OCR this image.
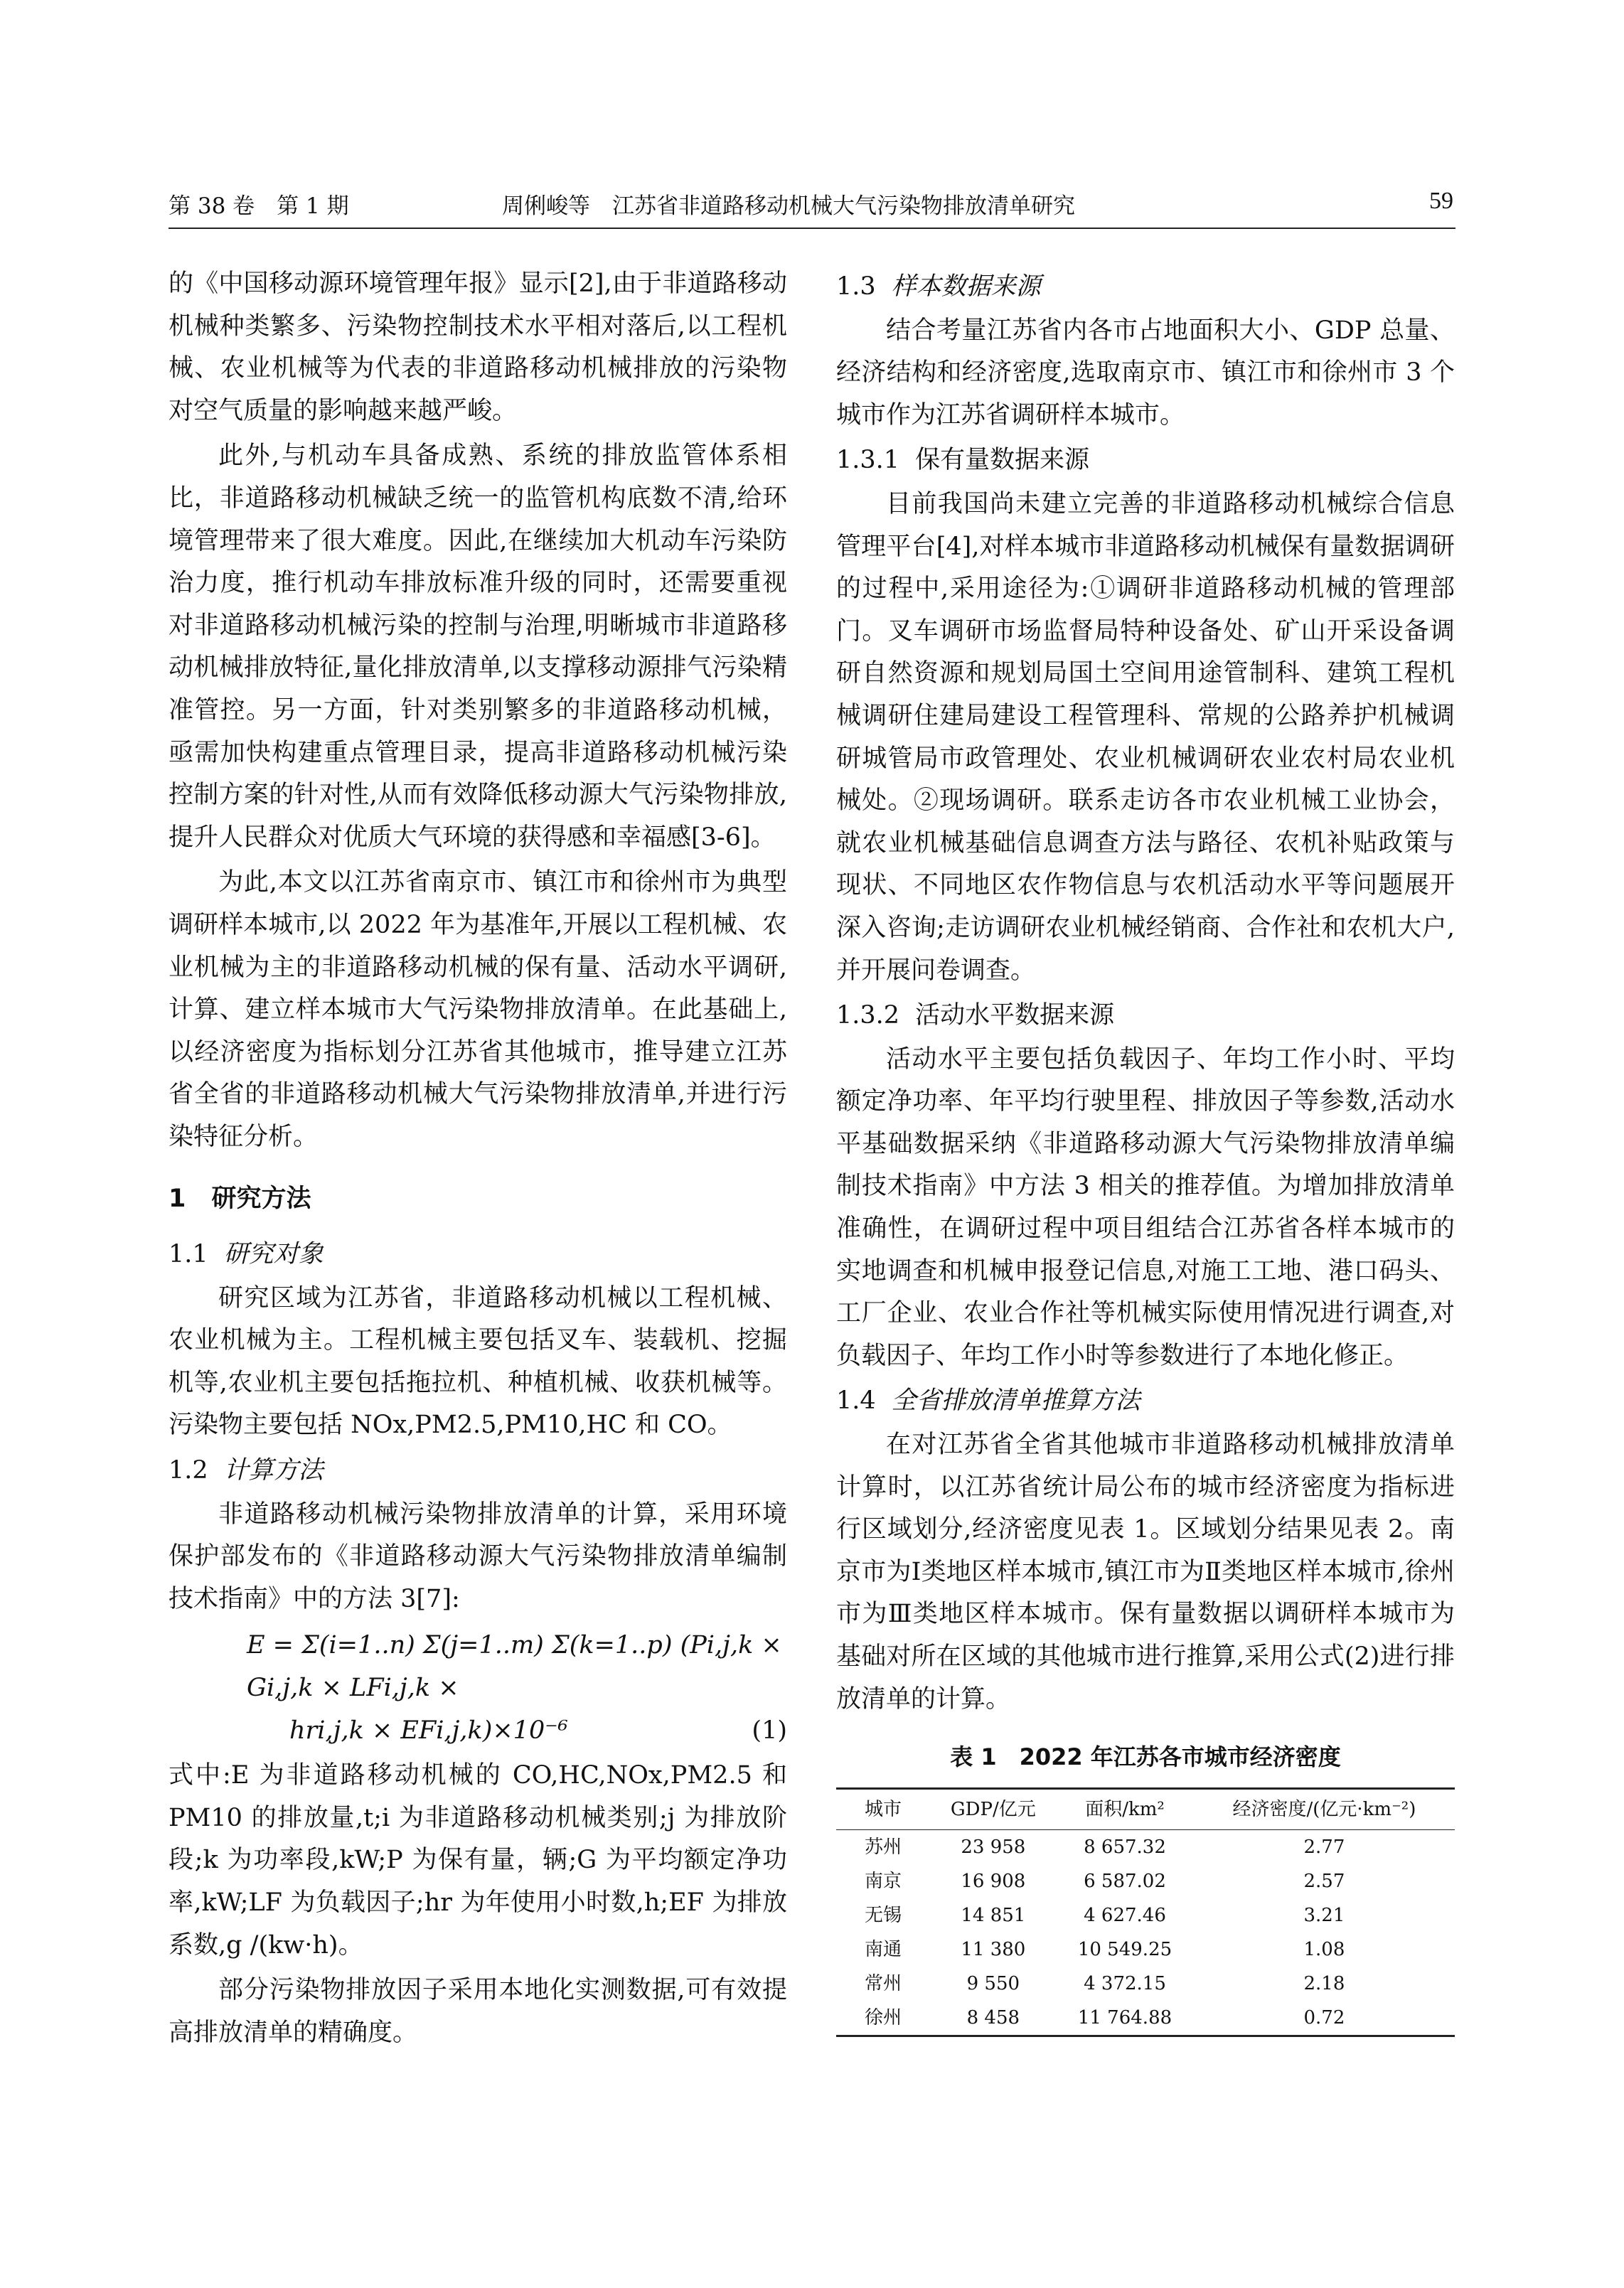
第 38 卷　第 1 期	周俐峻等　江苏省非道路移动机械大气污染物排放清单研究	59

的《中国移动源环境管理年报》显示[2],由于非道路移动机械种类繁多、污染物控制技术水平相对落后,以工程机械、农业机械等为代表的非道路移动机械排放的污染物对空气质量的影响越来越严峻。

此外,与机动车具备成熟、系统的排放监管体系相比，非道路移动机械缺乏统一的监管机构底数不清,给环境管理带来了很大难度。因此,在继续加大机动车污染防治力度，推行机动车排放标准升级的同时，还需要重视对非道路移动机械污染的控制与治理,明晰城市非道路移动机械排放特征,量化排放清单,以支撑移动源排气污染精准管控。另一方面，针对类别繁多的非道路移动机械，亟需加快构建重点管理目录，提高非道路移动机械污染控制方案的针对性,从而有效降低移动源大气污染物排放,提升人民群众对优质大气环境的获得感和幸福感[3-6]。

为此,本文以江苏省南京市、镇江市和徐州市为典型调研样本城市,以 2022 年为基准年,开展以工程机械、农业机械为主的非道路移动机械的保有量、活动水平调研,计算、建立样本城市大气污染物排放清单。在此基础上,以经济密度为指标划分江苏省其他城市，推导建立江苏省全省的非道路移动机械大气污染物排放清单,并进行污染特征分析。

1 研究方法
1.1 研究对象

研究区域为江苏省，非道路移动机械以工程机械、农业机械为主。工程机械主要包括叉车、装载机、挖掘机等,农业机主要包括拖拉机、种植机械、收获机械等。污染物主要包括 NOx,PM2.5,PM10,HC 和 CO。

1.2 计算方法

非道路移动机械污染物排放清单的计算，采用环境保护部发布的《非道路移动源大气污染物排放清单编制技术指南》中的方法 3[7]:

E = Σ(i=1..n) Σ(j=1..m) Σ(k=1..p) (Pi,j,k × Gi,j,k × LFi,j,k ×
hri,j,k × EFi,j,k)×10⁻⁶	(1)

式中:E 为非道路移动机械的 CO,HC,NOx,PM2.5 和 PM10 的排放量,t;i 为非道路移动机械类别;j 为排放阶段;k 为功率段,kW;P 为保有量，辆;G 为平均额定净功率,kW;LF 为负载因子;hr 为年使用小时数,h;EF 为排放系数,g /(kw·h)。

部分污染物排放因子采用本地化实测数据,可有效提高排放清单的精确度。

1.3 样本数据来源

结合考量江苏省内各市占地面积大小、GDP 总量、经济结构和经济密度,选取南京市、镇江市和徐州市 3 个城市作为江苏省调研样本城市。

1.3.1 保有量数据来源

目前我国尚未建立完善的非道路移动机械综合信息管理平台[4],对样本城市非道路移动机械保有量数据调研的过程中,采用途径为:①调研非道路移动机械的管理部门。叉车调研市场监督局特种设备处、矿山开采设备调研自然资源和规划局国土空间用途管制科、建筑工程机械调研住建局建设工程管理科、常规的公路养护机械调研城管局市政管理处、农业机械调研农业农村局农业机械处。②现场调研。联系走访各市农业机械工业协会，就农业机械基础信息调查方法与路径、农机补贴政策与现状、不同地区农作物信息与农机活动水平等问题展开深入咨询;走访调研农业机械经销商、合作社和农机大户,并开展问卷调查。

1.3.2 活动水平数据来源

活动水平主要包括负载因子、年均工作小时、平均额定净功率、年平均行驶里程、排放因子等参数,活动水平基础数据采纳《非道路移动源大气污染物排放清单编制技术指南》中方法 3 相关的推荐值。为增加排放清单准确性，在调研过程中项目组结合江苏省各样本城市的实地调查和机械申报登记信息,对施工工地、港口码头、工厂企业、农业合作社等机械实际使用情况进行调查,对负载因子、年均工作小时等参数进行了本地化修正。

1.4 全省排放清单推算方法

在对江苏省全省其他城市非道路移动机械排放清单计算时，以江苏省统计局公布的城市经济密度为指标进行区域划分,经济密度见表 1。区域划分结果见表 2。南京市为Ⅰ类地区样本城市,镇江市为Ⅱ类地区样本城市,徐州市为Ⅲ类地区样本城市。保有量数据以调研样本城市为基础对所在区域的其他城市进行推算,采用公式(2)进行排放清单的计算。

表 1　2022 年江苏各市城市经济密度
城市	GDP/亿元	面积/km²	经济密度/(亿元·km⁻²)
苏州	23 958	8 657.32	2.77
南京	16 908	6 587.02	2.57
无锡	14 851	4 627.46	3.21
南通	11 380	10 549.25	1.08
常州	9 550	4 372.15	2.18
徐州	8 458	11 764.88	0.72
